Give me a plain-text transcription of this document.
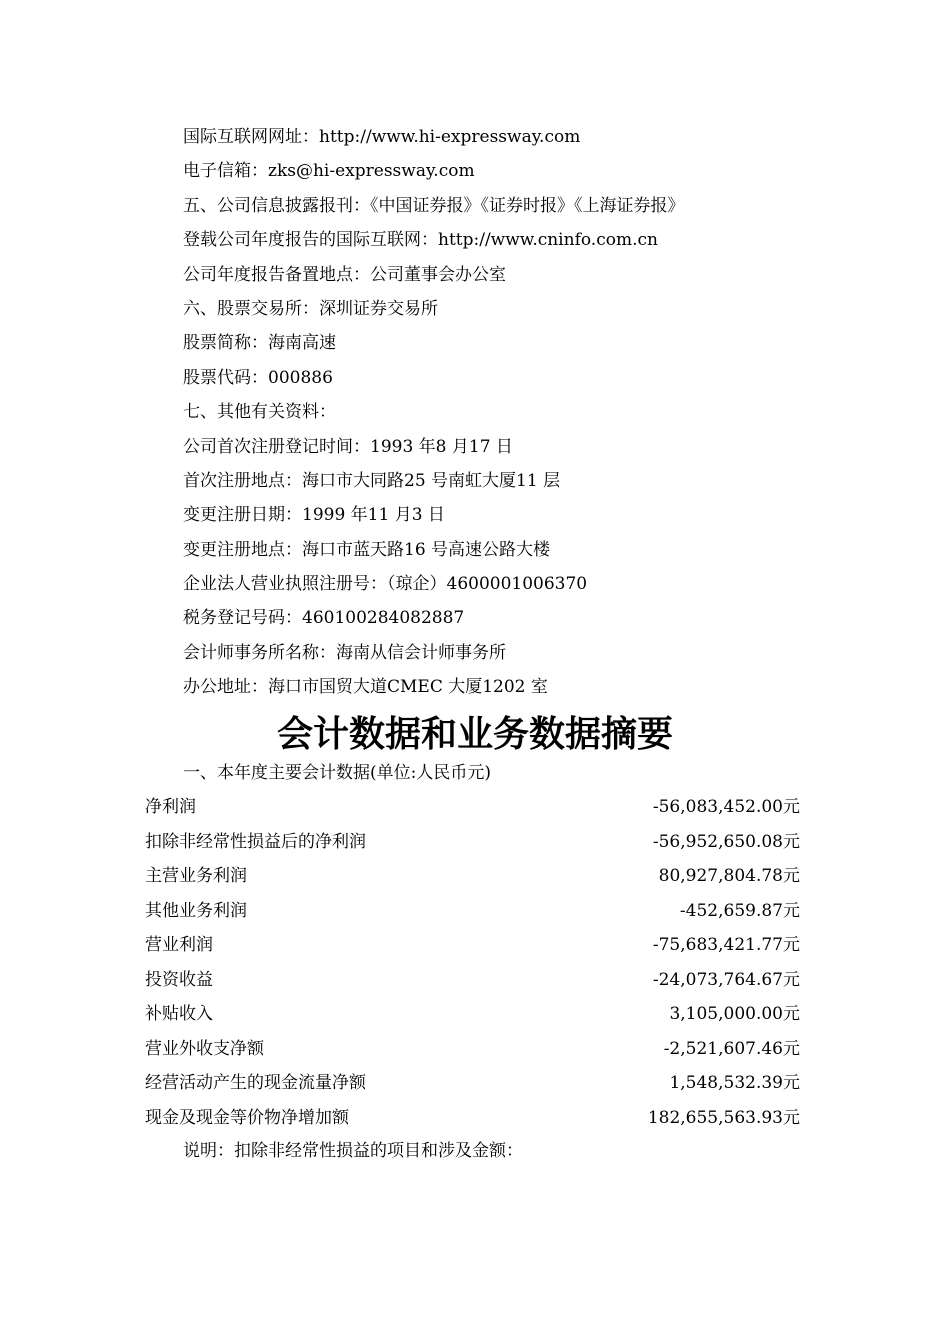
国际互联网网址：http://www.hi-expressway.com
电子信箱：zks@hi-expressway.com
五、公司信息披露报刊：《中国证券报》《证券时报》《上海证券报》
登载公司年度报告的国际互联网：http://www.cninfo.com.cn
公司年度报告备置地点：公司董事会办公室
六、股票交易所：深圳证券交易所
股票简称：海南高速
股票代码：000886
七、其他有关资料：
公司首次注册登记时间：1993 年8 月17 日
首次注册地点：海口市大同路25 号南虹大厦11 层
变更注册日期：1999 年11 月3 日
变更注册地点：海口市蓝天路16 号高速公路大楼
企业法人营业执照注册号：（琼企）4600001006370
税务登记号码：460100284082887
会计师事务所名称：海南从信会计师事务所
办公地址：海口市国贸大道CMEC 大厦1202 室
会计数据和业务数据摘要
一、本年度主要会计数据(单位:人民币元)
净利润	-56,083,452.00元
扣除非经常性损益后的净利润	-56,952,650.08元
主营业务利润	80,927,804.78元
其他业务利润	-452,659.87元
营业利润	-75,683,421.77元
投资收益	-24,073,764.67元
补贴收入	3,105,000.00元
营业外收支净额	-2,521,607.46元
经营活动产生的现金流量净额	1,548,532.39元
现金及现金等价物净增加额	182,655,563.93元
说明：扣除非经常性损益的项目和涉及金额：
